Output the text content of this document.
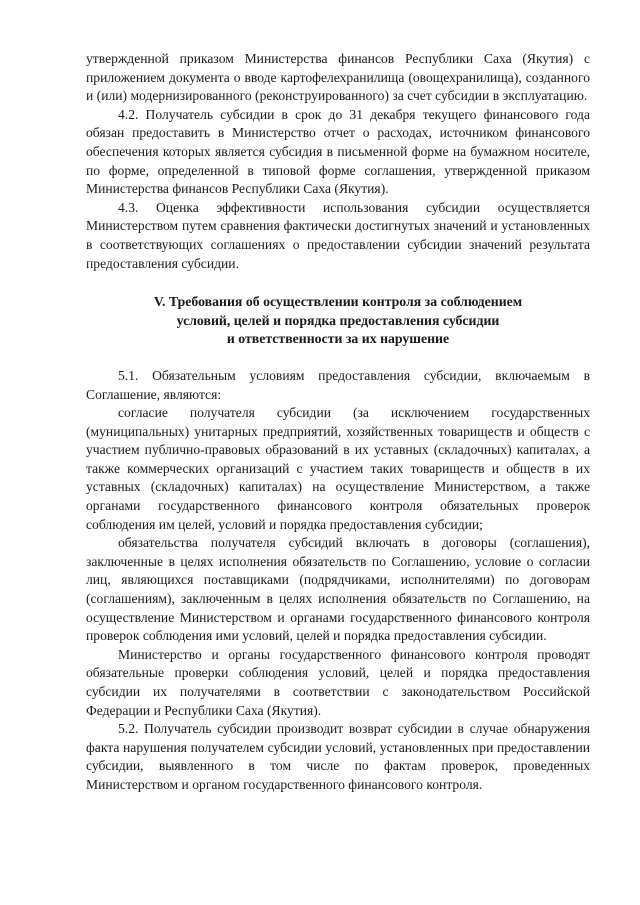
утвержденной приказом Министерства финансов Республики Саха (Якутия) с приложением документа о вводе картофелехранилища (овощехранилища), созданного и (или) модернизированного (реконструированного) за счет субсидии в эксплуатацию.

4.2. Получатель субсидии в срок до 31 декабря текущего финансового года обязан предоставить в Министерство отчет о расходах, источником финансового обеспечения которых является субсидия в письменной форме на бумажном носителе, по форме, определенной в типовой форме соглашения, утвержденной приказом Министерства финансов Республики Саха (Якутия).

4.3. Оценка эффективности использования субсидии осуществляется Министерством путем сравнения фактически достигнутых значений и установленных в соответствующих соглашениях о предоставлении субсидии значений результата предоставления субсидии.

V. Требования об осуществлении контроля за соблюдением
условий, целей и порядка предоставления субсидии
и ответственности за их нарушение

5.1. Обязательным условиям предоставления субсидии, включаемым в Соглашение, являются:

согласие получателя субсидии (за исключением государственных (муниципальных) унитарных предприятий, хозяйственных товариществ и обществ с участием публично-правовых образований в их уставных (складочных) капиталах, а также коммерческих организаций с участием таких товариществ и обществ в их уставных (складочных) капиталах) на осуществление Министерством, а также органами государственного финансового контроля обязательных проверок соблюдения им целей, условий и порядка предоставления субсидии;

обязательства получателя субсидий включать в договоры (соглашения), заключенные в целях исполнения обязательств по Соглашению, условие о согласии лиц, являющихся поставщиками (подрядчиками, исполнителями) по договорам (соглашениям), заключенным в целях исполнения обязательств по Соглашению, на осуществление Министерством и органами государственного финансового контроля проверок соблюдения ими условий, целей и порядка предоставления субсидии.

Министерство и органы государственного финансового контроля проводят обязательные проверки соблюдения условий, целей и порядка предоставления субсидии их получателями в соответствии с законодательством Российской Федерации и Республики Саха (Якутия).

5.2. Получатель субсидии производит возврат субсидии в случае обнаружения факта нарушения получателем субсидии условий, установленных при предоставлении субсидии, выявленного в том числе по фактам проверок, проведенных Министерством и органом государственного финансового контроля.
